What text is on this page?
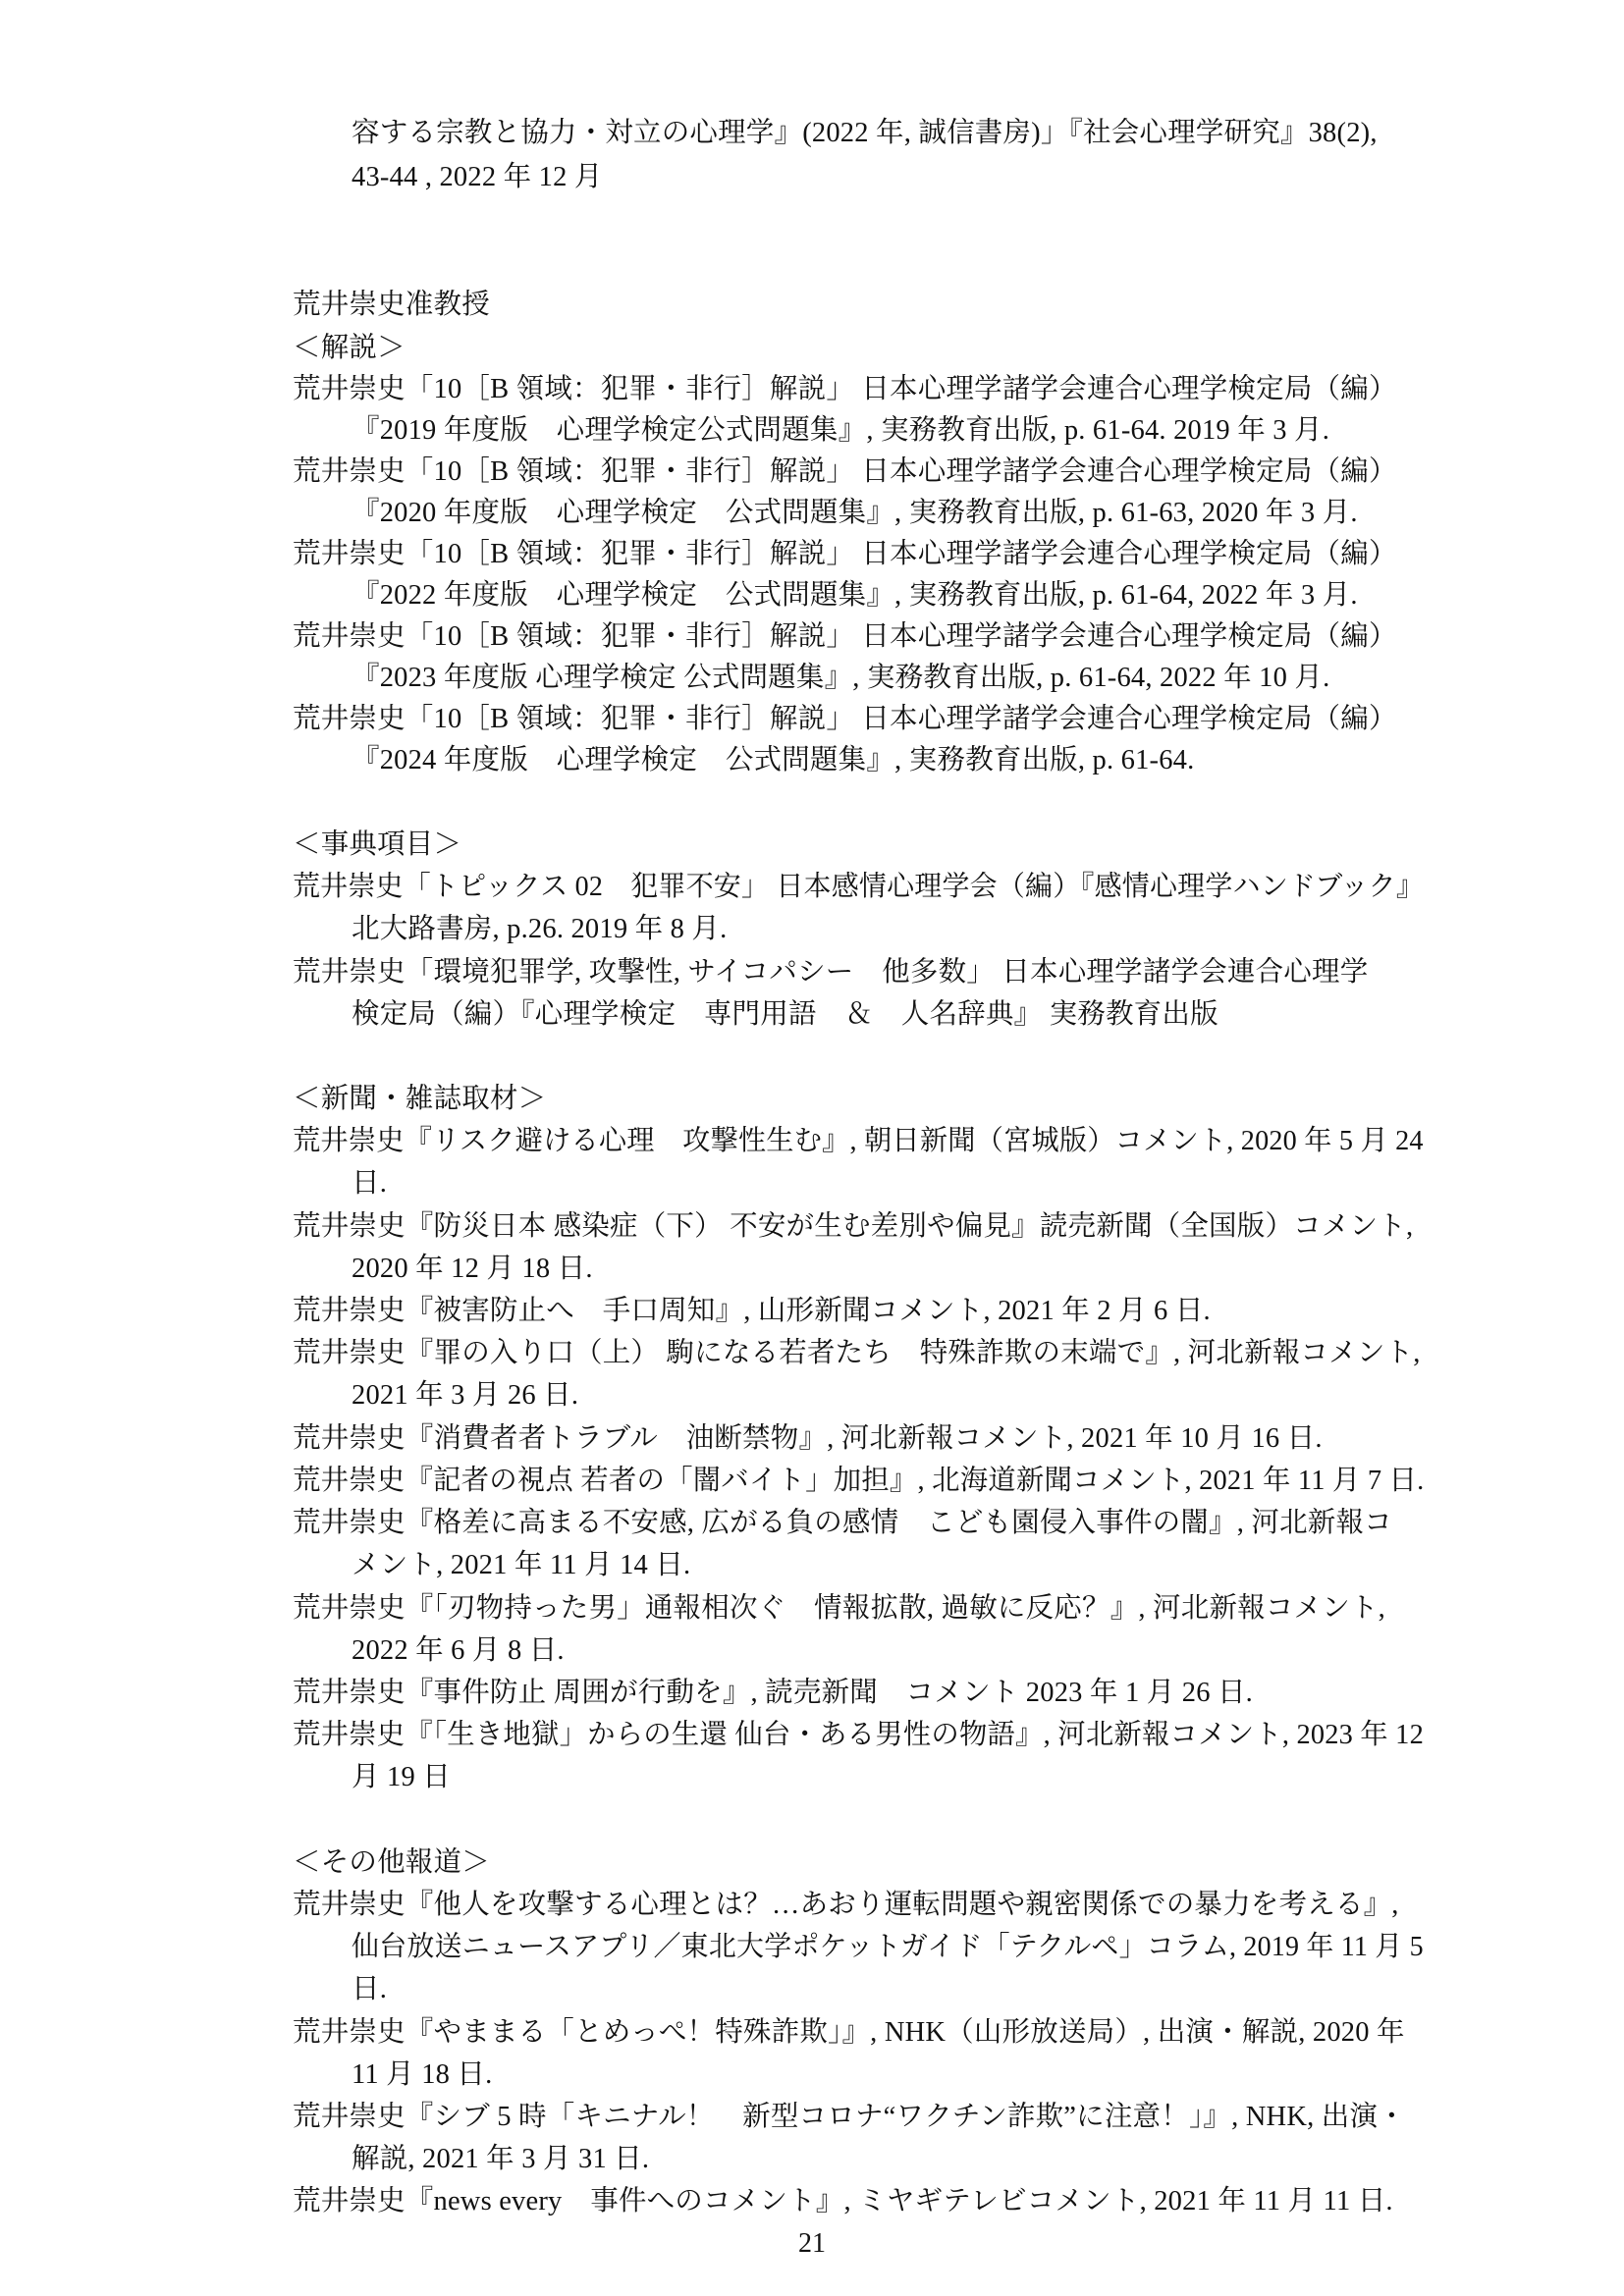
容する宗教と協力・対立の心理学』(2022 年, 誠信書房)」『社会心理学研究』38(2),
43-44 , 2022 年 12 月
荒井崇史准教授
＜解説＞
荒井崇史「10［B 領域：犯罪・非行］解説」 日本心理学諸学会連合心理学検定局（編）
『2019 年度版　心理学検定公式問題集』, 実務教育出版, p. 61-64. 2019 年 3 月.
荒井崇史「10［B 領域：犯罪・非行］解説」 日本心理学諸学会連合心理学検定局（編）
『2020 年度版　心理学検定　公式問題集』, 実務教育出版, p. 61-63, 2020 年 3 月.
荒井崇史「10［B 領域：犯罪・非行］解説」 日本心理学諸学会連合心理学検定局（編）
『2022 年度版　心理学検定　公式問題集』, 実務教育出版, p. 61-64, 2022 年 3 月.
荒井崇史「10［B 領域：犯罪・非行］解説」 日本心理学諸学会連合心理学検定局（編）
『2023 年度版 心理学検定 公式問題集』, 実務教育出版, p. 61-64, 2022 年 10 月.
荒井崇史「10［B 領域：犯罪・非行］解説」 日本心理学諸学会連合心理学検定局（編）
『2024 年度版　心理学検定　公式問題集』, 実務教育出版, p. 61-64.
＜事典項目＞
荒井崇史「トピックス 02　犯罪不安」 日本感情心理学会（編）『感情心理学ハンドブック』
北大路書房, p.26. 2019 年 8 月.
荒井崇史「環境犯罪学, 攻撃性, サイコパシー　他多数」 日本心理学諸学会連合心理学
検定局（編）『心理学検定　専門用語　＆　人名辞典』 実務教育出版
＜新聞・雑誌取材＞
荒井崇史『リスク避ける心理　攻撃性生む』, 朝日新聞（宮城版）コメント, 2020 年 5 月 24
日.
荒井崇史『防災日本 感染症（下） 不安が生む差別や偏見』読売新聞（全国版）コメント,
2020 年 12 月 18 日.
荒井崇史『被害防止へ　手口周知』, 山形新聞コメント, 2021 年 2 月 6 日.
荒井崇史『罪の入り口（上） 駒になる若者たち　特殊詐欺の末端で』, 河北新報コメント,
2021 年 3 月 26 日.
荒井崇史『消費者者トラブル　油断禁物』, 河北新報コメント, 2021 年 10 月 16 日.
荒井崇史『記者の視点 若者の「闇バイト」加担』, 北海道新聞コメント, 2021 年 11 月 7 日.
荒井崇史『格差に高まる不安感, 広がる負の感情　こども園侵入事件の闇』, 河北新報コ
メント, 2021 年 11 月 14 日.
荒井崇史『「刃物持った男」通報相次ぐ　情報拡散, 過敏に反応？』, 河北新報コメント,
2022 年 6 月 8 日.
荒井崇史『事件防止 周囲が行動を』, 読売新聞　コメント 2023 年 1 月 26 日.
荒井崇史『「生き地獄」からの生還 仙台・ある男性の物語』, 河北新報コメント, 2023 年 12
月 19 日
＜その他報道＞
荒井崇史『他人を攻撃する心理とは？…あおり運転問題や親密関係での暴力を考える』,
仙台放送ニュースアプリ／東北大学ポケットガイド「テクルペ」コラム, 2019 年 11 月 5
日.
荒井崇史『やままる「とめっぺ！特殊詐欺」』, NHK（山形放送局）, 出演・解説, 2020 年
11 月 18 日.
荒井崇史『シブ 5 時「キニナル！　新型コロナ“ワクチン詐欺”に注意！」』, NHK, 出演・
解説, 2021 年 3 月 31 日.
荒井崇史『news every　事件へのコメント』, ミヤギテレビコメント, 2021 年 11 月 11 日.
21
